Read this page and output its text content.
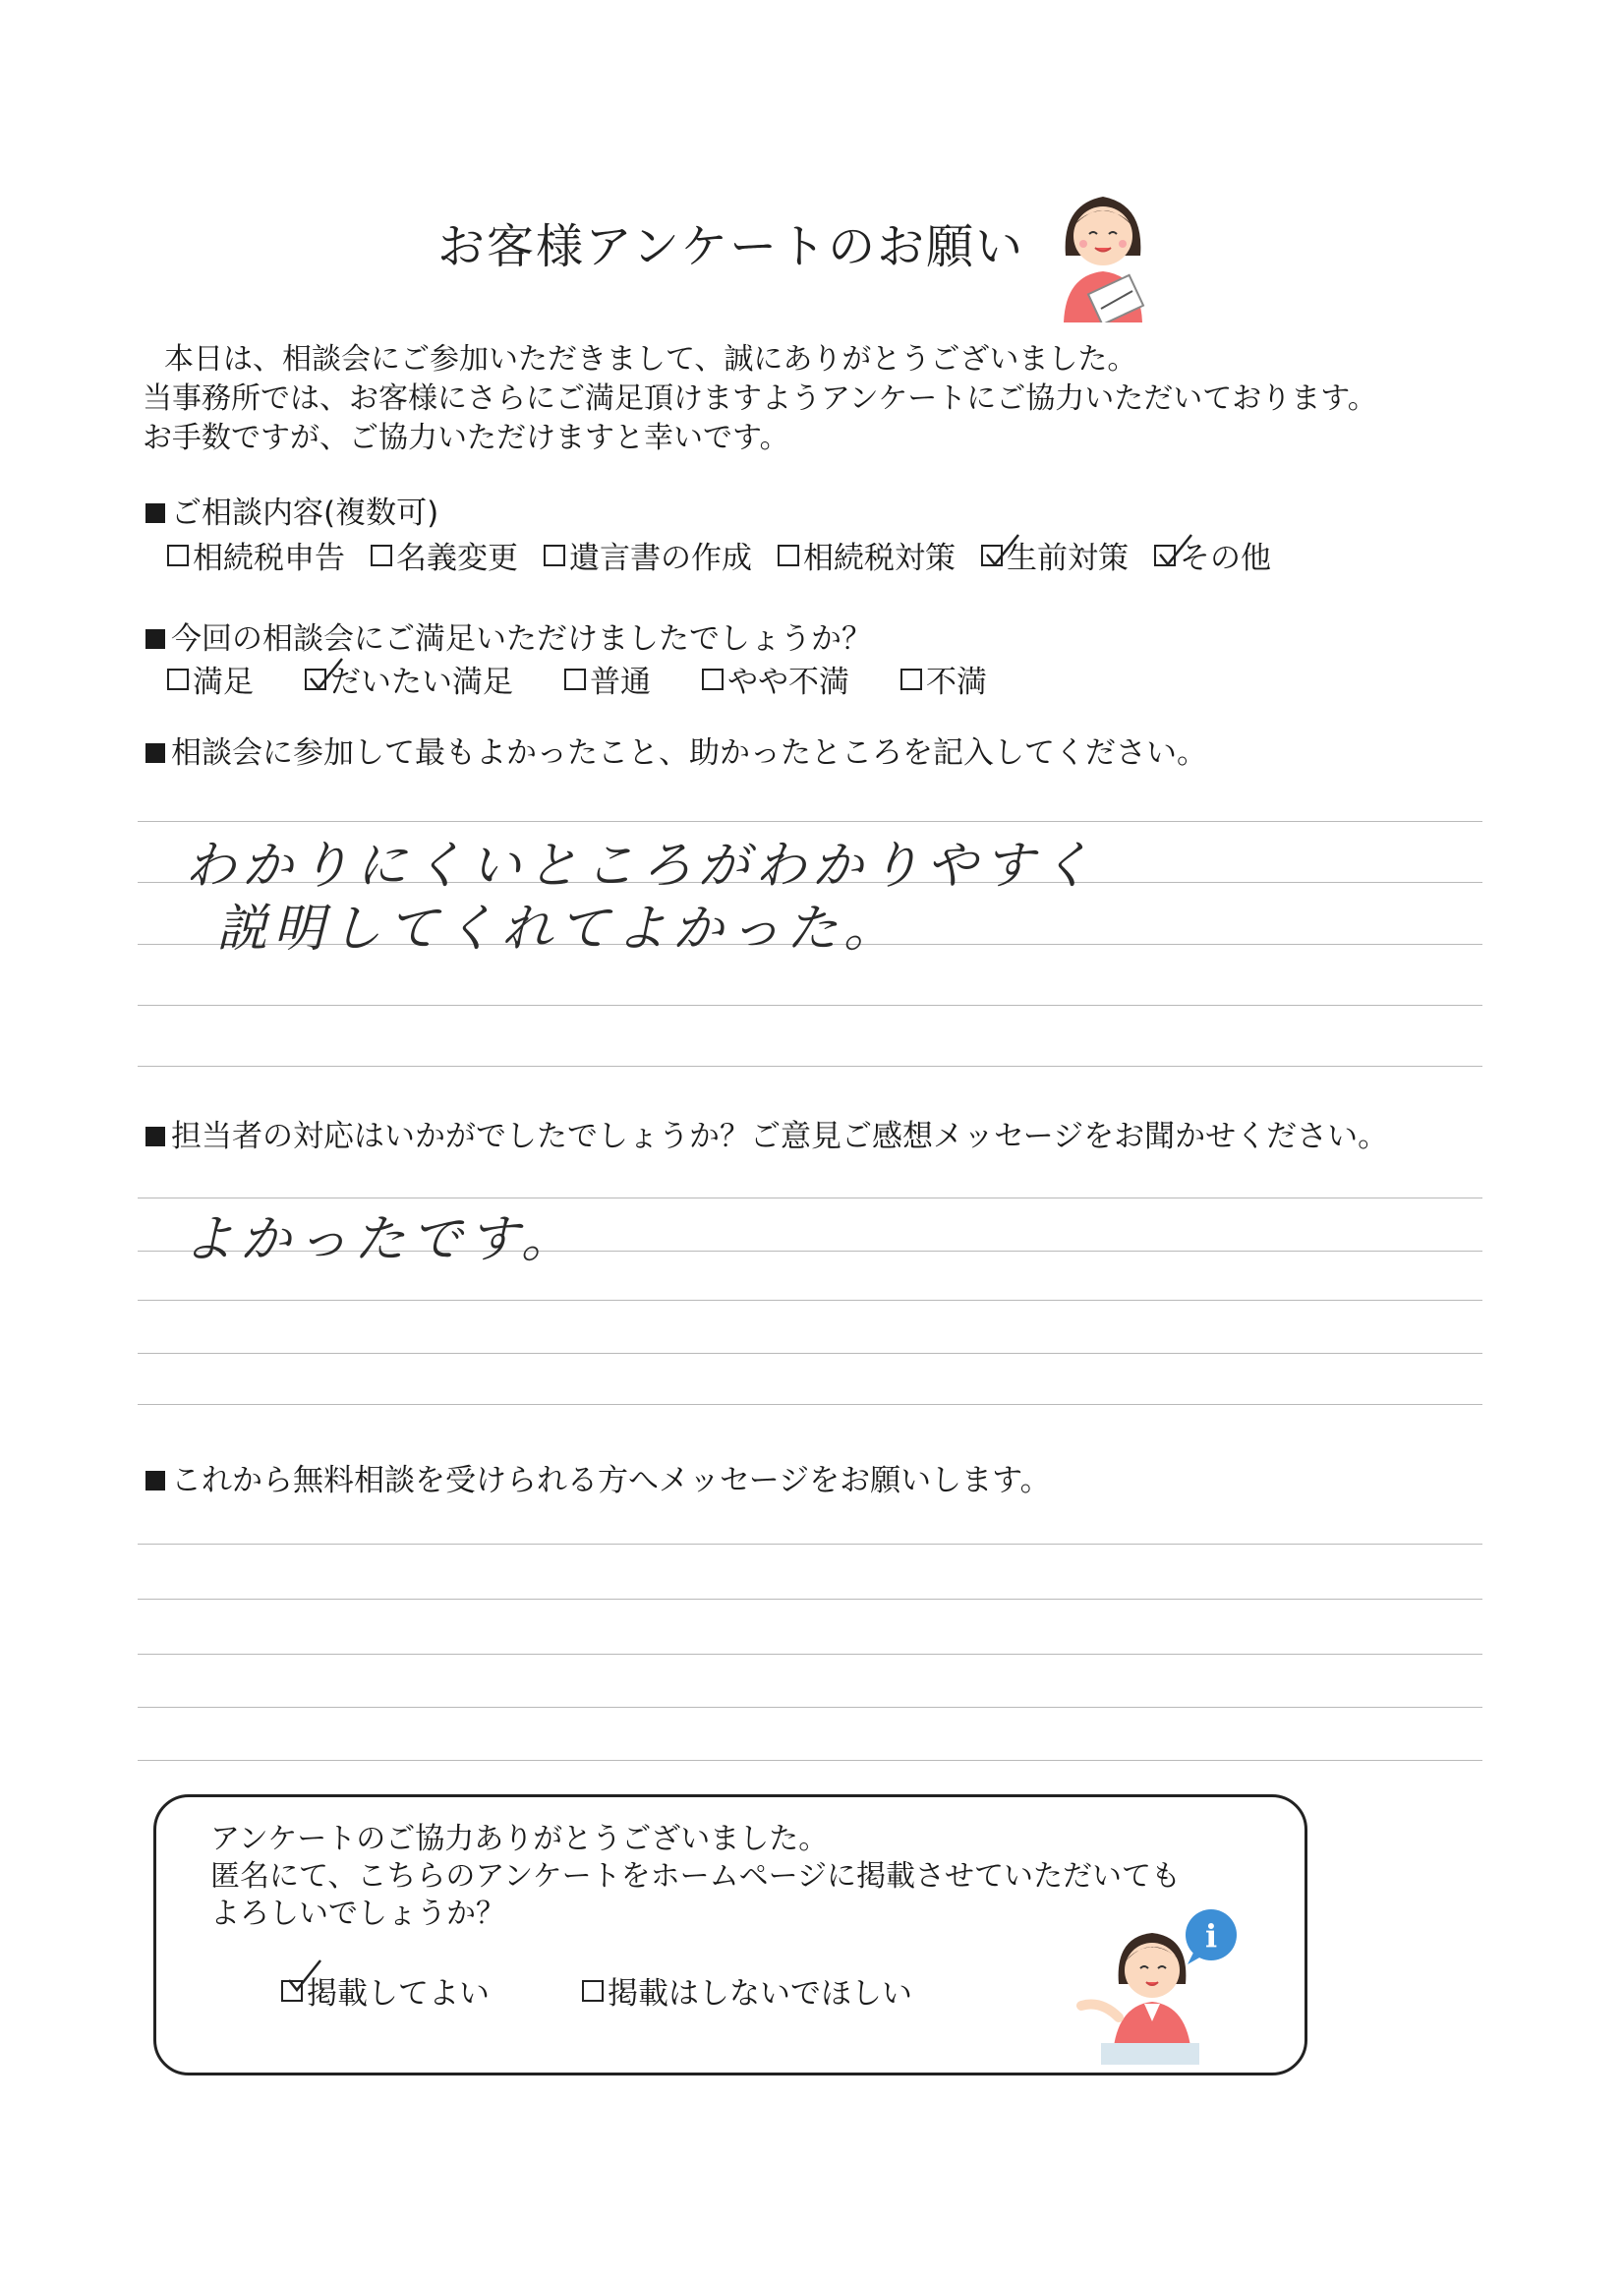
お客様アンケートのお願い
本日は、相談会にご参加いただきまして、誠にありがとうございました。
当事務所では、お客様にさらにご満足頂けますようアンケートにご協力いただいております。
お手数ですが、ご協力いただけますと幸いです。
ご相談内容(複数可)
相続税申告 名義変更 遺言書の作成 相続税対策 生前対策 その他
今回の相談会にご満足いただけましたでしょうか？
満足	だいたい満足	普通	やや不満	不満
相談会に参加して最もよかったこと、助かったところを記入してください。
わかりにくいところがわかりやすく
説明してくれてよかった。
担当者の対応はいかがでしたでしょうか？ご意見ご感想メッセージをお聞かせください。
よかったです。
これから無料相談を受けられる方へメッセージをお願いします。
アンケートのご協力ありがとうございました。
匿名にて、こちらのアンケートをホームページに掲載させていただいても
よろしいでしょうか？
掲載してよい	掲載はしないでほしい
i
